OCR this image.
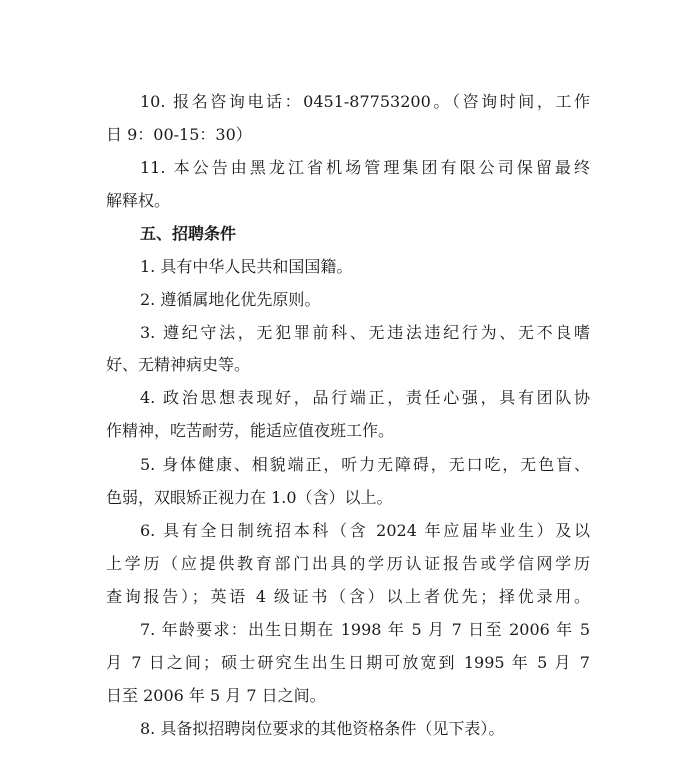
10. 报名咨询电话：0451-87753200。（咨询时间，工作
日 9：00-15：30）
11. 本公告由黑龙江省机场管理集团有限公司保留最终
解释权。
五、招聘条件
1. 具有中华人民共和国国籍。
2. 遵循属地化优先原则。
3. 遵纪守法，无犯罪前科、无违法违纪行为、无不良嗜
好、无精神病史等。
4. 政治思想表现好，品行端正，责任心强，具有团队协
作精神，吃苦耐劳，能适应值夜班工作。
5. 身体健康、相貌端正，听力无障碍，无口吃，无色盲、
色弱，双眼矫正视力在 1.0（含）以上。
6. 具有全日制统招本科（含 2024 年应届毕业生）及以
上学历（应提供教育部门出具的学历认证报告或学信网学历
查询报告）；英语 4 级证书（含）以上者优先；择优录用。
7. 年龄要求：出生日期在 1998 年 5 月 7 日至 2006 年 5
月 7 日之间；硕士研究生出生日期可放宽到 1995 年 5 月 7
日至 2006 年 5 月 7 日之间。
8. 具备拟招聘岗位要求的其他资格条件（见下表）。
